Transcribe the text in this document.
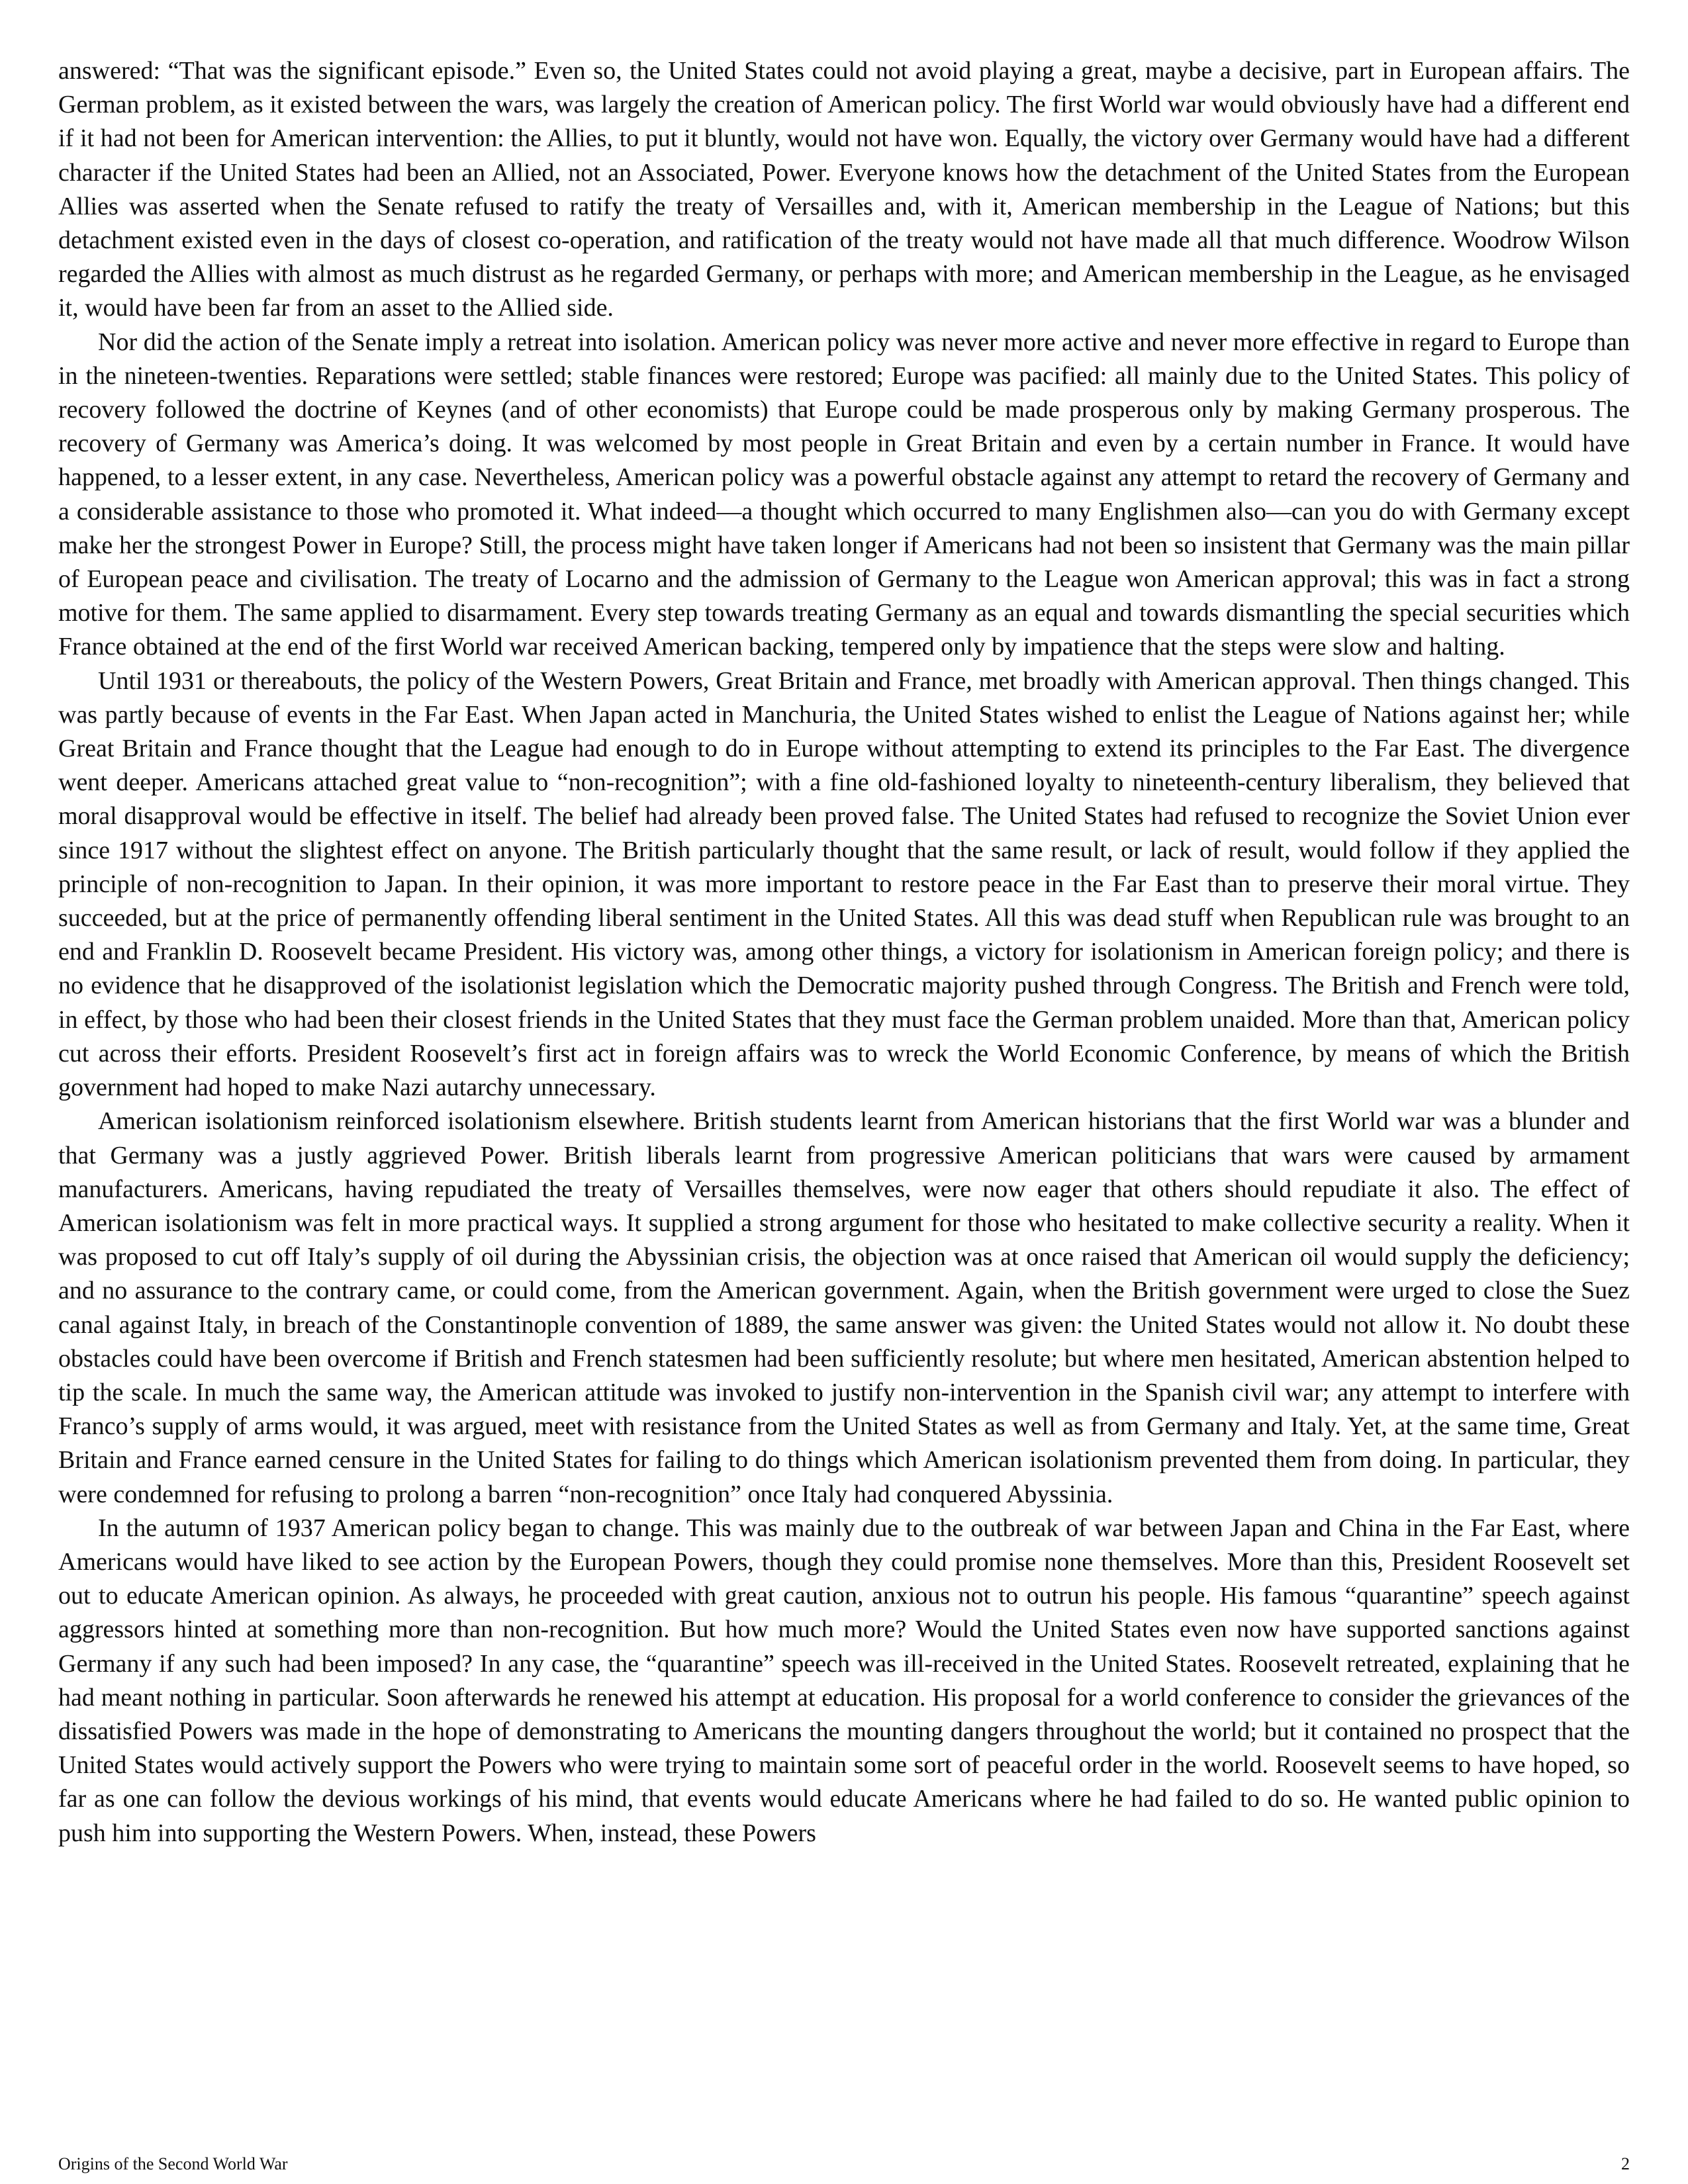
answered: “That was the significant episode.” Even so, the United States could not avoid playing a great, maybe a decisive, part in European affairs. The German problem, as it existed between the wars, was largely the creation of American policy. The first World war would obviously have had a different end if it had not been for American intervention: the Allies, to put it bluntly, would not have won. Equally, the victory over Germany would have had a different character if the United States had been an Allied, not an Associated, Power. Everyone knows how the detachment of the United States from the European Allies was asserted when the Senate refused to ratify the treaty of Versailles and, with it, American membership in the League of Nations; but this detachment existed even in the days of closest co-operation, and ratification of the treaty would not have made all that much difference. Woodrow Wilson regarded the Allies with almost as much distrust as he regarded Germany, or perhaps with more; and American membership in the League, as he envisaged it, would have been far from an asset to the Allied side.

Nor did the action of the Senate imply a retreat into isolation. American policy was never more active and never more effective in regard to Europe than in the nineteen-twenties. Reparations were settled; stable finances were restored; Europe was pacified: all mainly due to the United States. This policy of recovery followed the doctrine of Keynes (and of other economists) that Europe could be made prosperous only by making Germany prosperous. The recovery of Germany was America’s doing. It was welcomed by most people in Great Britain and even by a certain number in France. It would have happened, to a lesser extent, in any case. Nevertheless, American policy was a powerful obstacle against any attempt to retard the recovery of Germany and a considerable assistance to those who promoted it. What indeed—a thought which occurred to many Englishmen also—can you do with Germany except make her the strongest Power in Europe? Still, the process might have taken longer if Americans had not been so insistent that Germany was the main pillar of European peace and civilisation. The treaty of Locarno and the admission of Germany to the League won American approval; this was in fact a strong motive for them. The same applied to disarmament. Every step towards treating Germany as an equal and towards dismantling the special securities which France obtained at the end of the first World war received American backing, tempered only by impatience that the steps were slow and halting.

Until 1931 or thereabouts, the policy of the Western Powers, Great Britain and France, met broadly with American approval. Then things changed. This was partly because of events in the Far East. When Japan acted in Manchuria, the United States wished to enlist the League of Nations against her; while Great Britain and France thought that the League had enough to do in Europe without attempting to extend its principles to the Far East. The divergence went deeper. Americans attached great value to “non-recognition”; with a fine old-fashioned loyalty to nineteenth-century liberalism, they believed that moral disapproval would be effective in itself. The belief had already been proved false. The United States had refused to recognize the Soviet Union ever since 1917 without the slightest effect on anyone. The British particularly thought that the same result, or lack of result, would follow if they applied the principle of non-recognition to Japan. In their opinion, it was more important to restore peace in the Far East than to preserve their moral virtue. They succeeded, but at the price of permanently offending liberal sentiment in the United States. All this was dead stuff when Republican rule was brought to an end and Franklin D. Roosevelt became President. His victory was, among other things, a victory for isolationism in American foreign policy; and there is no evidence that he disapproved of the isolationist legislation which the Democratic majority pushed through Congress. The British and French were told, in effect, by those who had been their closest friends in the United States that they must face the German problem unaided. More than that, American policy cut across their efforts. President Roosevelt’s first act in foreign affairs was to wreck the World Economic Conference, by means of which the British government had hoped to make Nazi autarchy unnecessary.

American isolationism reinforced isolationism elsewhere. British students learnt from American historians that the first World war was a blunder and that Germany was a justly aggrieved Power. British liberals learnt from progressive American politicians that wars were caused by armament manufacturers. Americans, having repudiated the treaty of Versailles themselves, were now eager that others should repudiate it also. The effect of American isolationism was felt in more practical ways. It supplied a strong argument for those who hesitated to make collective security a reality. When it was proposed to cut off Italy’s supply of oil during the Abyssinian crisis, the objection was at once raised that American oil would supply the deficiency; and no assurance to the contrary came, or could come, from the American government. Again, when the British government were urged to close the Suez canal against Italy, in breach of the Constantinople convention of 1889, the same answer was given: the United States would not allow it. No doubt these obstacles could have been overcome if British and French statesmen had been sufficiently resolute; but where men hesitated, American abstention helped to tip the scale. In much the same way, the American attitude was invoked to justify non-intervention in the Spanish civil war; any attempt to interfere with Franco’s supply of arms would, it was argued, meet with resistance from the United States as well as from Germany and Italy. Yet, at the same time, Great Britain and France earned censure in the United States for failing to do things which American isolationism prevented them from doing. In particular, they were condemned for refusing to prolong a barren “non-recognition” once Italy had conquered Abyssinia.

In the autumn of 1937 American policy began to change. This was mainly due to the outbreak of war between Japan and China in the Far East, where Americans would have liked to see action by the European Powers, though they could promise none themselves. More than this, President Roosevelt set out to educate American opinion. As always, he proceeded with great caution, anxious not to outrun his people. His famous “quarantine” speech against aggressors hinted at something more than non-recognition. But how much more? Would the United States even now have supported sanctions against Germany if any such had been imposed? In any case, the “quarantine” speech was ill-received in the United States. Roosevelt retreated, explaining that he had meant nothing in particular. Soon afterwards he renewed his attempt at education. His proposal for a world conference to consider the grievances of the dissatisfied Powers was made in the hope of demonstrating to Americans the mounting dangers throughout the world; but it contained no prospect that the United States would actively support the Powers who were trying to maintain some sort of peaceful order in the world. Roosevelt seems to have hoped, so far as one can follow the devious workings of his mind, that events would educate Americans where he had failed to do so. He wanted public opinion to push him into supporting the Western Powers. When, instead, these Powers

Origins of the Second World War	2
